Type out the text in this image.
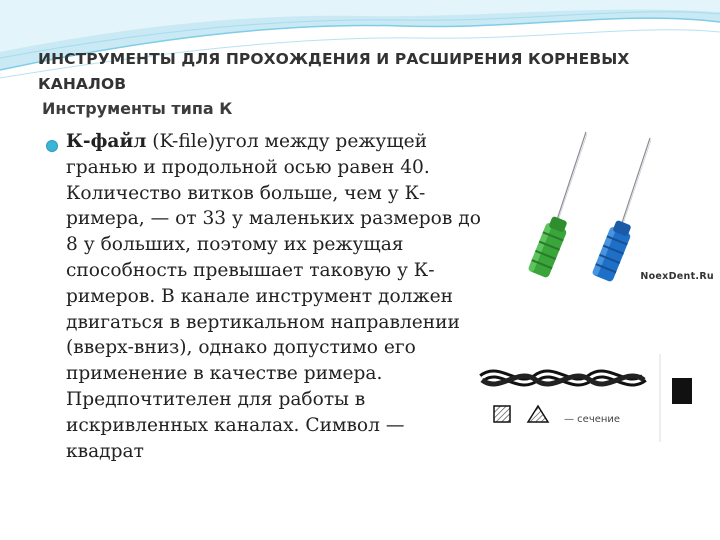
ИНСТРУМЕНТЫ ДЛЯ ПРОХОЖДЕНИЯ И РАСШИРЕНИЯ КОРНЕВЫХ КАНАЛОВ
Инструменты типа К
К-файл (K-file)угол между режущей гранью и продольной осью равен 40. Количество витков больше, чем у К-римера, — от 33 у маленьких размеров до 8 у больших, поэтому их режущая способность превышает таковую у К-римеров. В канале инструмент должен двигаться в вертикальном направлении (вверх-вниз), однако допустимо его применение в качестве римера. Предпочтителен для работы в искривленных каналах. Символ — квадрат
NoexDent.Ru
— сечение
